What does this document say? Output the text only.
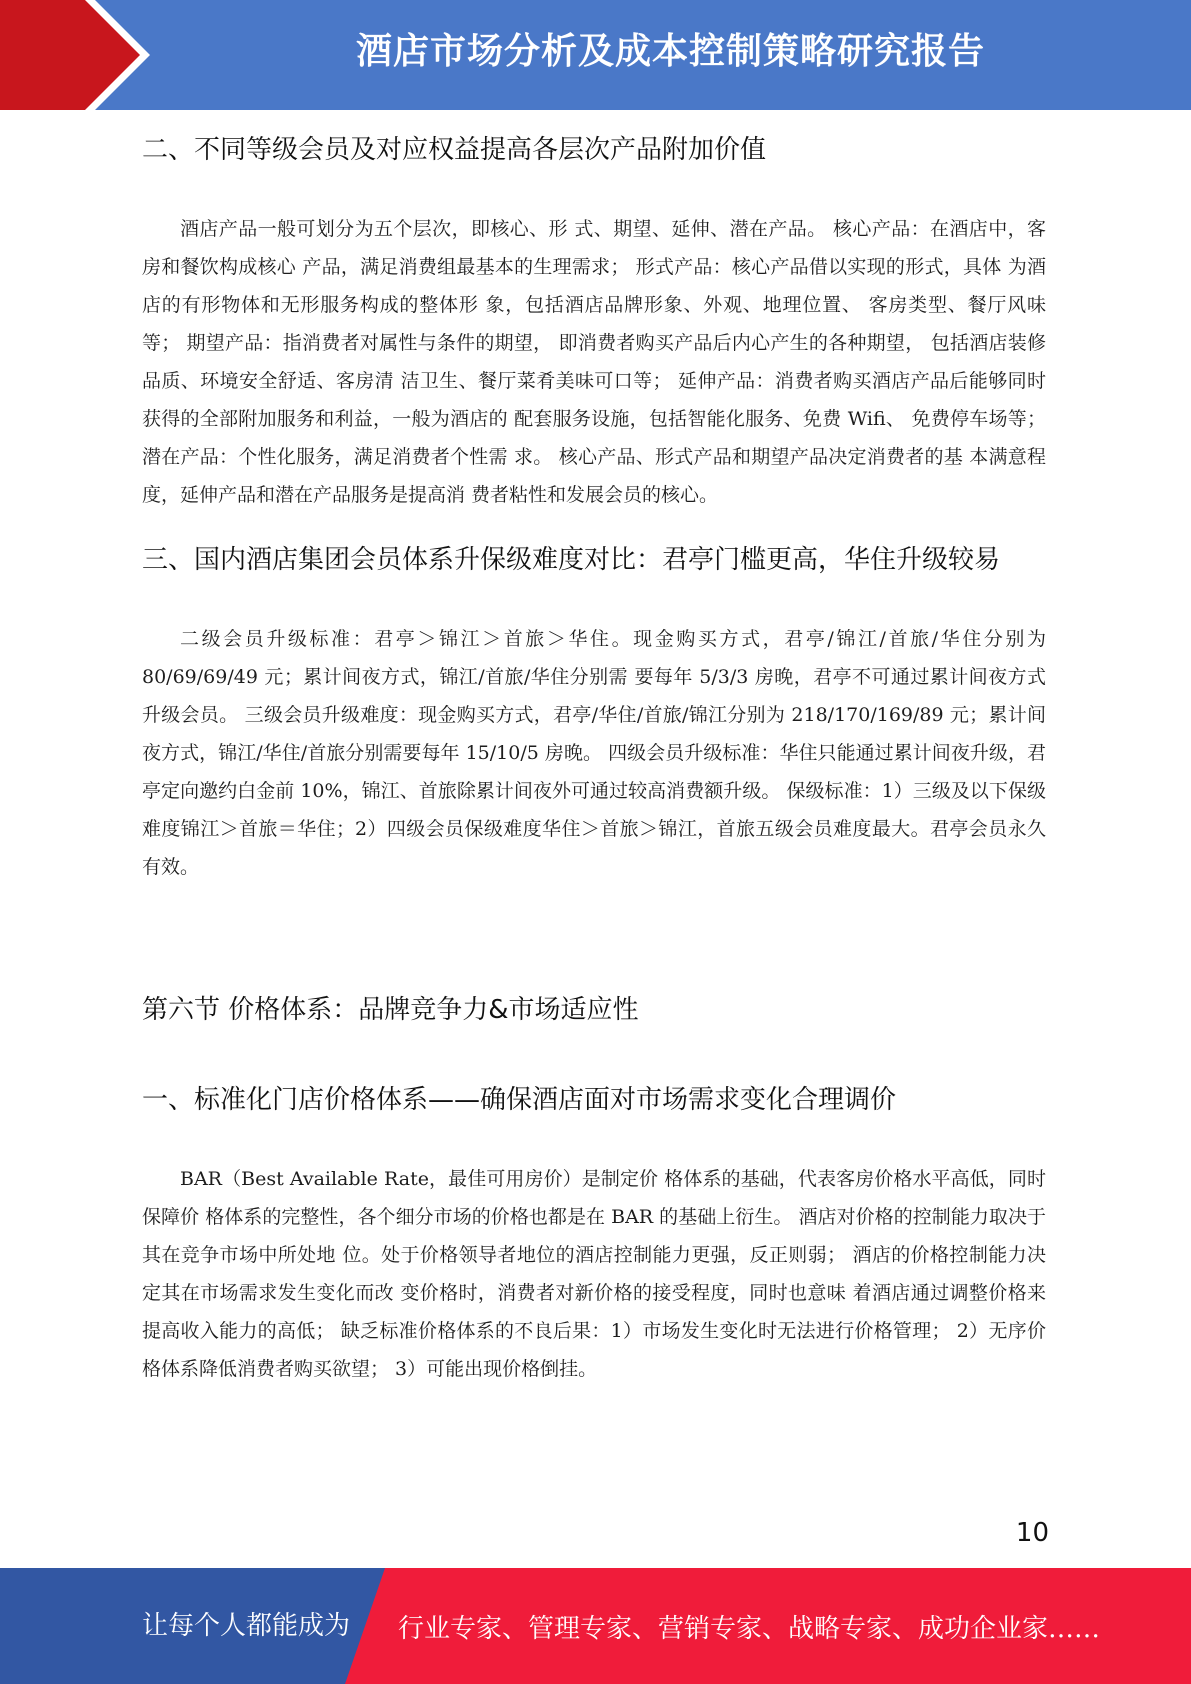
酒店市场分析及成本控制策略研究报告
二、不同等级会员及对应权益提高各层次产品附加价值

酒店产品一般可划分为五个层次，即核心、形 式、期望、延伸、潜在产品。 核心产品：在酒店中，客房和餐饮构成核心 产品，满足消费组最基本的生理需求； 形式产品：核心产品借以实现的形式，具体 为酒店的有形物体和无形服务构成的整体形 象，包括酒店品牌形象、外观、地理位置、 客房类型、餐厅风味等； 期望产品：指消费者对属性与条件的期望， 即消费者购买产品后内心产生的各种期望， 包括酒店装修品质、环境安全舒适、客房清 洁卫生、餐厅菜肴美味可口等； 延伸产品：消费者购买酒店产品后能够同时 获得的全部附加服务和利益，一般为酒店的 配套服务设施，包括智能化服务、免费 Wifi、 免费停车场等； 潜在产品：个性化服务，满足消费者个性需 求。 核心产品、形式产品和期望产品决定消费者的基 本满意程度，延伸产品和潜在产品服务是提高消 费者粘性和发展会员的核心。

三、国内酒店集团会员体系升保级难度对比：君亭门槛更高，华住升级较易

二级会员升级标准：君亭＞锦江＞首旅＞华住。现金购买方式，君亭/锦江/首旅/华住分别为 80/69/69/49 元；累计间夜方式，锦江/首旅/华住分别需 要每年 5/3/3 房晚，君亭不可通过累计间夜方式升级会员。 三级会员升级难度：现金购买方式，君亭/华住/首旅/锦江分别为 218/170/169/89 元；累计间夜方式，锦江/华住/首旅分别需要每年 15/10/5 房晚。 四级会员升级标准：华住只能通过累计间夜升级，君亭定向邀约白金前 10%，锦江、首旅除累计间夜外可通过较高消费额升级。 保级标准：1）三级及以下保级难度锦江＞首旅＝华住；2）四级会员保级难度华住＞首旅＞锦江，首旅五级会员难度最大。君亭会员永久有效。

第六节 价格体系：品牌竞争力&市场适应性
一、标准化门店价格体系——确保酒店面对市场需求变化合理调价

BAR（Best Available Rate，最佳可用房价）是制定价 格体系的基础，代表客房价格水平高低，同时保障价 格体系的完整性，各个细分市场的价格也都是在 BAR 的基础上衍生。 酒店对价格的控制能力取决于其在竞争市场中所处地 位。处于价格领导者地位的酒店控制能力更强，反正则弱； 酒店的价格控制能力决定其在市场需求发生变化而改 变价格时，消费者对新价格的接受程度，同时也意味 着酒店通过调整价格来提高收入能力的高低； 缺乏标准价格体系的不良后果：1）市场发生变化时无法进行价格管理； 2）无序价格体系降低消费者购买欲望； 3）可能出现价格倒挂。

10
让每个人都能成为 行业专家、管理专家、营销专家、战略专家、成功企业家……
